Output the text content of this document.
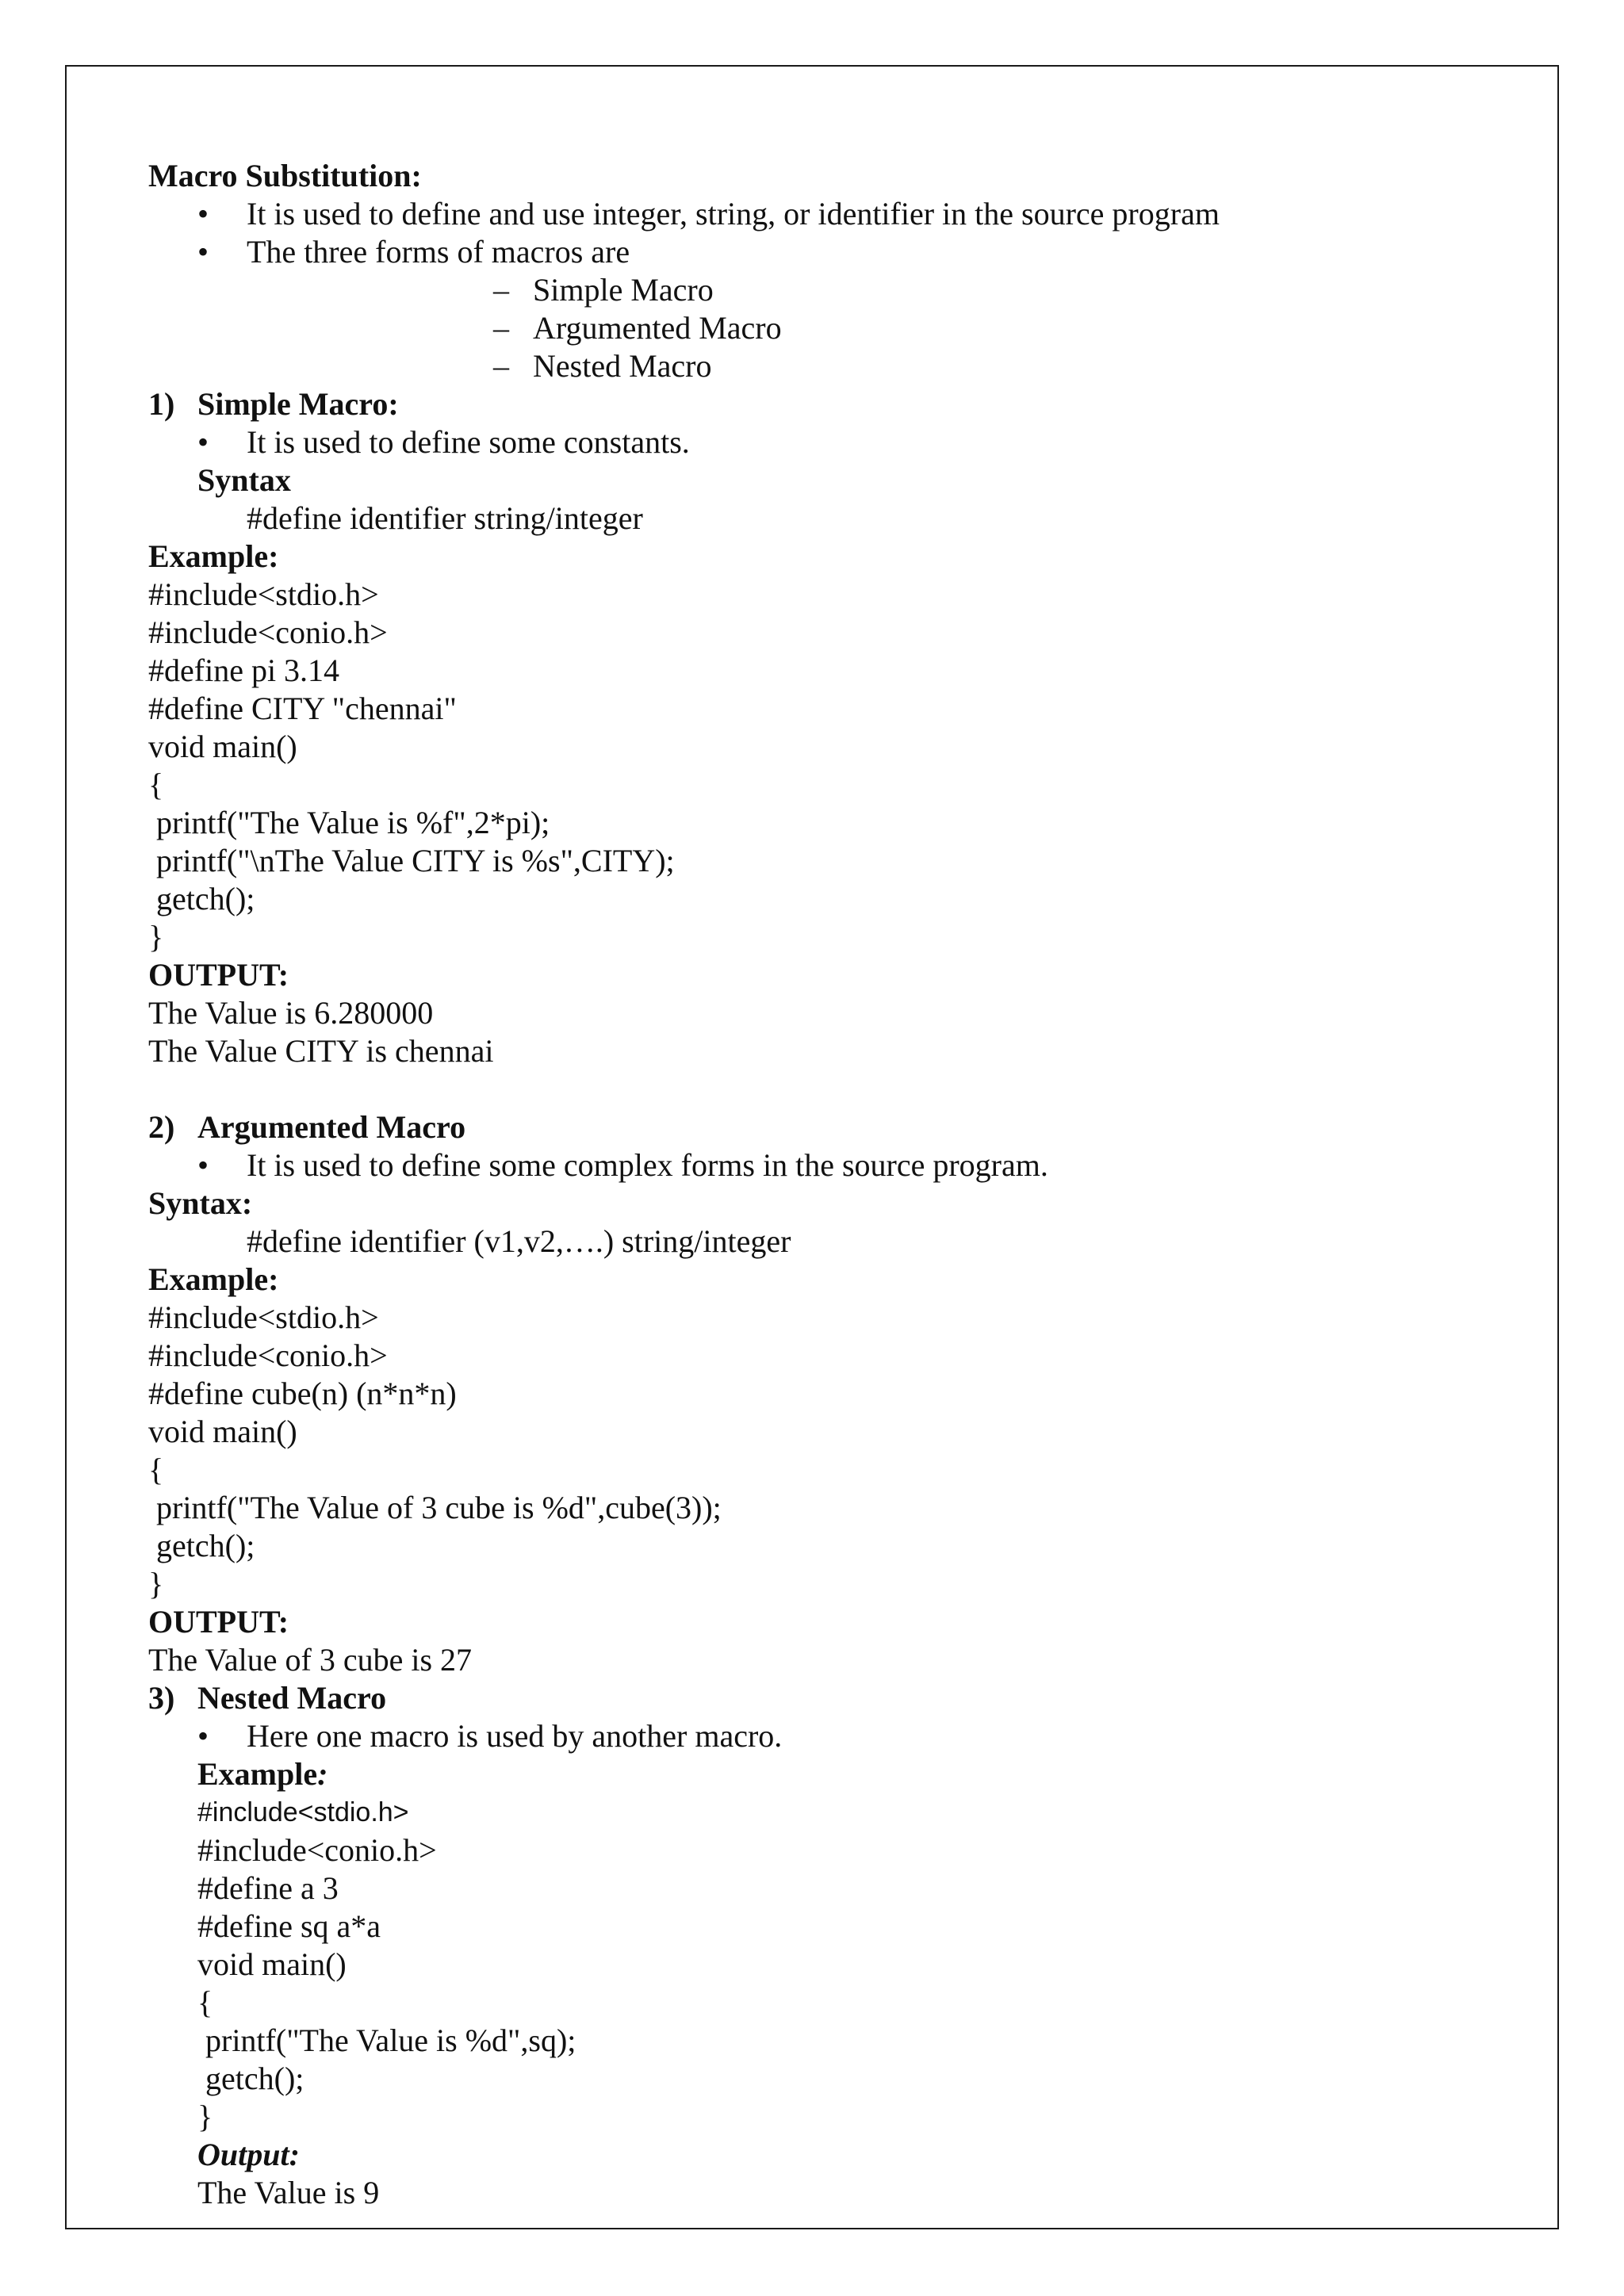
Macro Substitution:
•	It is used to define and use integer, string, or identifier in the source program
•	The three forms of macros are
– Simple Macro
– Argumented Macro
– Nested Macro
1) Simple Macro:
•	It is used to define some constants.
Syntax
#define identifier string/integer
Example:
#include<stdio.h>
#include<conio.h>
#define pi 3.14
#define CITY "chennai"
void main()
{
printf("The Value is %f",2*pi);
printf("\nThe Value CITY is %s",CITY);
getch();
}
OUTPUT:
The Value is 6.280000
The Value CITY is chennai
2) Argumented Macro
•	It is used to define some complex forms in the source program.
Syntax:
#define identifier (v1,v2,….) string/integer
Example:
#include<stdio.h>
#include<conio.h>
#define cube(n) (n*n*n)
void main()
{
printf("The Value of 3 cube is %d",cube(3));
getch();
}
OUTPUT:
The Value of 3 cube is 27
3) Nested Macro
•	Here one macro is used by another macro.
Example:
#include<stdio.h>
#include<conio.h>
#define a 3
#define sq a*a
void main()
{
printf("The Value is %d",sq);
getch();
}
Output:
The Value is 9
